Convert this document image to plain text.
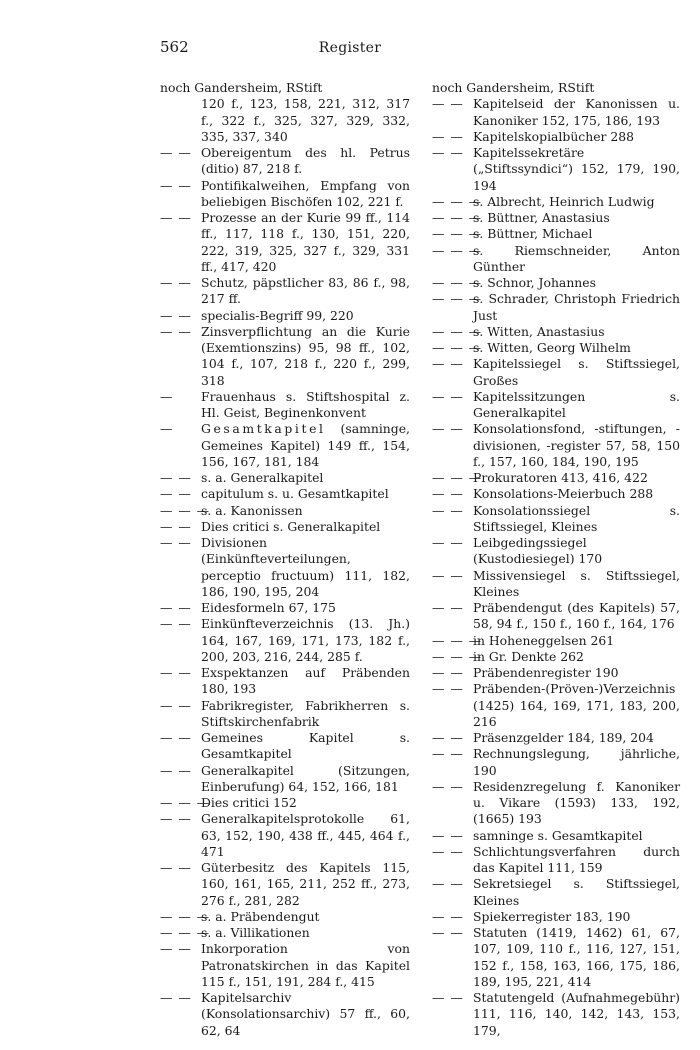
562	Register
noch Gandersheim, RStift
120 f., 123, 158, 221, 312, 317 f., 322 f., 325, 327, 329, 332, 335, 337, 340
— — Obereigentum des hl. Petrus (ditio) 87, 218 f.
— — Pontifikalweihen, Empfang von beliebigen Bischöfen 102, 221 f.
— — Prozesse an der Kurie 99 ff., 114 ff., 117, 118 f., 130, 151, 220, 222, 319, 325, 327 f., 329, 331 ff., 417, 420
— — Schutz, päpstlicher 83, 86 f., 98, 217 ff.
— — specialis-Begriff 99, 220
— — Zinsverpflichtung an die Kurie (Exemtionszins) 95, 98 ff., 102, 104 f., 107, 218 f., 220 f., 299, 318
— Frauenhaus s. Stiftshospital z. Hl. Geist, Beginenkonvent
— Gesamtkapitel (samninge, Gemeines Kapitel) 149 ff., 154, 156, 167, 181, 184
— — s. a. Generalkapitel
— — capitulum s. u. Gesamtkapitel
— — —
s. a. Kanonissen
— — Dies critici s. Generalkapitel
— — Divisionen (Einkünfteverteilungen, perceptio fructuum) 111, 182, 186, 190, 195, 204
— — Eidesformeln 67, 175
— — Einkünfteverzeichnis (13. Jh.) 164, 167, 169, 171, 173, 182 f., 200, 203, 216, 244, 285 f.
— — Exspektanzen auf Präbenden 180, 193
— — Fabrikregister, Fabrikherren s. Stiftskirchenfabrik
— — Gemeines Kapitel s. Gesamtkapitel
— — Generalkapitel (Sitzungen, Einberufung) 64, 152, 166, 181
— — —
Dies critici 152
— — Generalkapitelsprotokolle 61, 63, 152, 190, 438 ff., 445, 464 f., 471
— — Güterbesitz des Kapitels 115, 160, 161, 165, 211, 252 ff., 273, 276 f., 281, 282
— — —
s. a. Präbendengut
— — —
s. a. Villikationen
— — Inkorporation von Patronatskirchen in das Kapitel 115 f., 151, 191, 284 f., 415
— — Kapitelsarchiv (Konsolationsarchiv) 57 ff., 60, 62, 64
noch Gandersheim, RStift
— — Kapitelseid der Kanonissen u. Kanoniker 152, 175, 186, 193
— — Kapitelskopialbücher 288
— — Kapitelssekretäre („Stiftssyndici“) 152, 179, 190, 194
— — —
s. Albrecht, Heinrich Ludwig
— — —
s. Büttner, Anastasius
— — —
s. Büttner, Michael
— — —
s. Riemschneider, Anton Günther
— — —
s. Schnor, Johannes
— — —
s. Schrader, Christoph Friedrich Just
— — —
s. Witten, Anastasius
— — —
s. Witten, Georg Wilhelm
— — Kapitelssiegel s. Stiftssiegel, Großes
— — Kapitelssitzungen s. Generalkapitel
— — Konsolationsfond, -stiftungen, -divisionen, -register 57, 58, 150 f., 157, 160, 184, 190, 195
— — —
Prokuratoren 413, 416, 422
— — Konsolations-Meierbuch 288
— — Konsolationssiegel s. Stiftssiegel, Kleines
— — Leibgedingssiegel (Kustodiesiegel) 170
— — Missivensiegel s. Stiftssiegel, Kleines
— — Präbendengut (des Kapitels) 57, 58, 94 f., 150 f., 160 f., 164, 176
— — —
in Hoheneggelsen 261
— — —
in Gr. Denkte 262
— — Präbendenregister 190
— — Präbenden-(Pröven-)Verzeichnis (1425) 164, 169, 171, 183, 200, 216
— — Präsenzgelder 184, 189, 204
— — Rechnungslegung, jährliche, 190
— — Residenzregelung f. Kanoniker u. Vikare (1593) 133, 192, (1665) 193
— — samninge s. Gesamtkapitel
— — Schlichtungsverfahren durch das Kapitel 111, 159
— — Sekretsiegel s. Stiftssiegel, Kleines
— — Spiekerregister 183, 190
— — Statuten (1419, 1462) 61, 67, 107, 109, 110 f., 116, 127, 151, 152 f., 158, 163, 166, 175, 186, 189, 195, 221, 414
— — Statutengeld (Aufnahmegebühr) 111, 116, 140, 142, 143, 153, 179,
